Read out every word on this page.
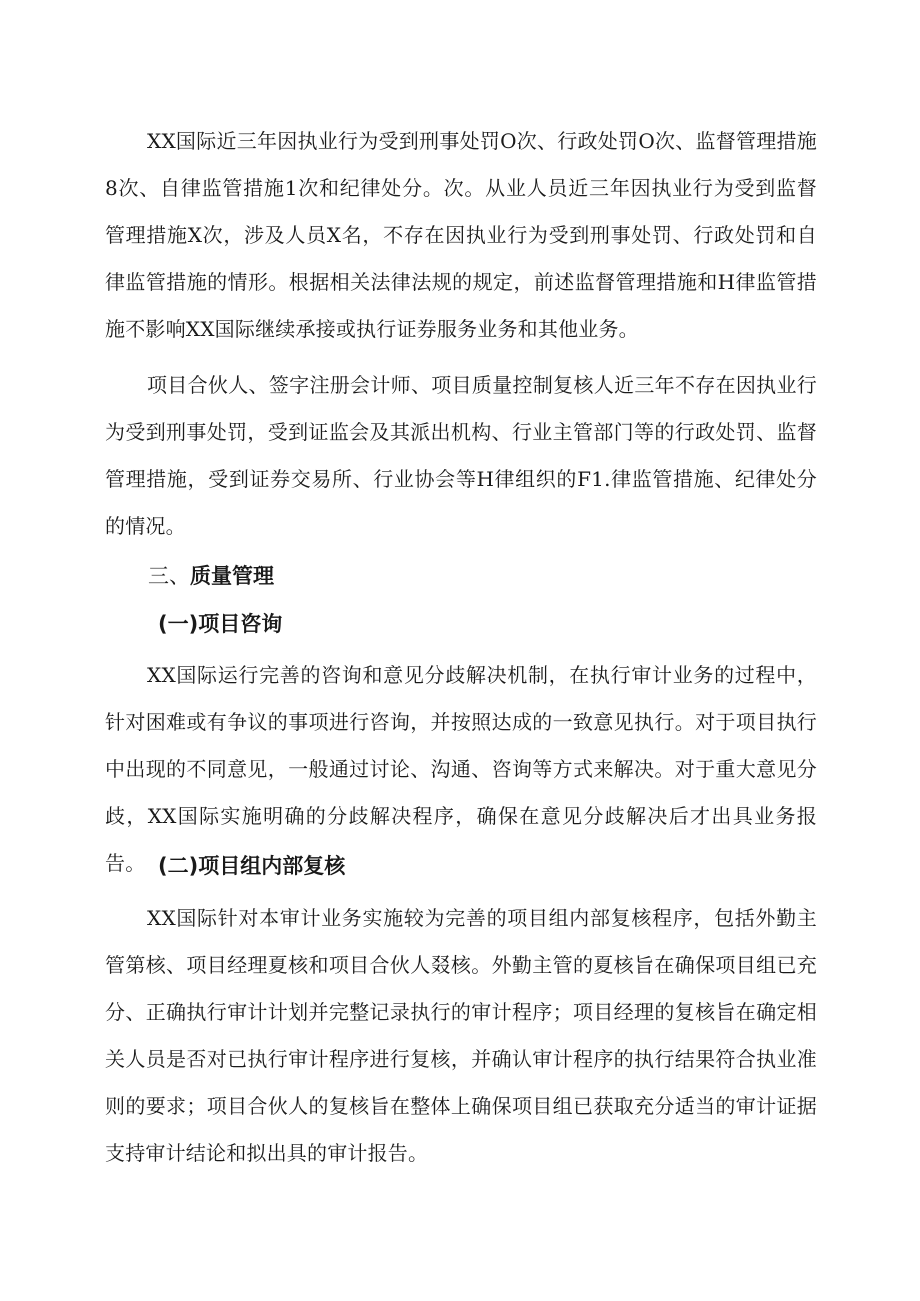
XX国际近三年因执业行为受到刑事处罚O次、行政处罚O次、监督管理措施8次、自律监管措施1次和纪律处分。次。从业人员近三年因执业行为受到监督管理措施X次，涉及人员X名，不存在因执业行为受到刑事处罚、行政处罚和自律监管措施的情形。根据相关法律法规的规定，前述监督管理措施和H律监管措施不影响XX国际继续承接或执行证券服务业务和其他业务。

项目合伙人、签字注册会计师、项目质量控制复核人近三年不存在因执业行为受到刑事处罚，受到证监会及其派出机构、行业主管部门等的行政处罚、监督管理措施，受到证券交易所、行业协会等H律组织的F1.律监管措施、纪律处分的情况。

三、质量管理
(一)项目咨询

XX国际运行完善的咨询和意见分歧解决机制，在执行审计业务的过程中，针对困难或有争议的事项进行咨询，并按照达成的一致意见执行。对于项目执行中出现的不同意见，一般通过讨论、沟通、咨询等方式来解决。对于重大意见分歧，XX国际实施明确的分歧解决程序，确保在意见分歧解决后才出具业务报告。 (二)项目组内部复核

XX国际针对本审计业务实施较为完善的项目组内部复核程序，包括外勤主管第核、项目经理夏核和项目合伙人叕核。外勤主管的夏核旨在确保项目组已充分、正确执行审计计划并完整记录执行的审计程序；项目经理的复核旨在确定相关人员是否对已执行审计程序进行复核，并确认审计程序的执行结果符合执业准则的要求；项目合伙人的复核旨在整体上确保项目组已获取充分适当的审计证据支持审计结论和拟出具的审计报告。
